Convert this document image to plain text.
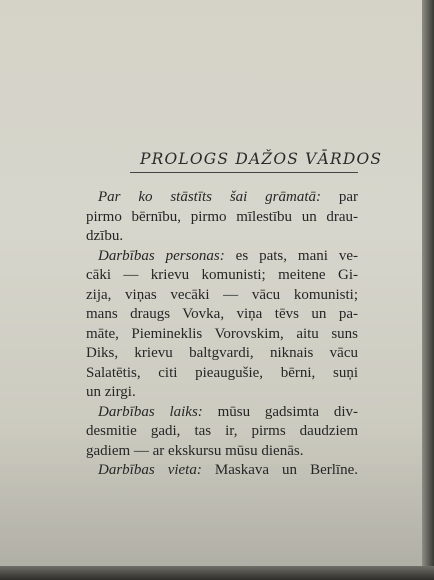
PROLOGS DAŽOS VĀRDOS
Par ko stāstīts šai grāmatā: par
pirmo bērnību, pirmo mīlestību un drau-
dzību.
Darbības personas: es pats, mani ve-
cāki — krievu komunisti; meitene Gi-
zija, viņas vecāki — vācu komunisti;
mans draugs Vovka, viņa tēvs un pa-
māte, Piemineklis Vorovskim, aitu suns
Diks, krievu baltgvardi, niknais vācu
Salatētis, citi pieaugušie, bērni, suņi
un zirgi.
Darbības laiks: mūsu gadsimta div-
desmitie gadi, tas ir, pirms daudziem
gadiem — ar ekskursu mūsu dienās.
Darbības vieta: Maskava un Berlīne.
